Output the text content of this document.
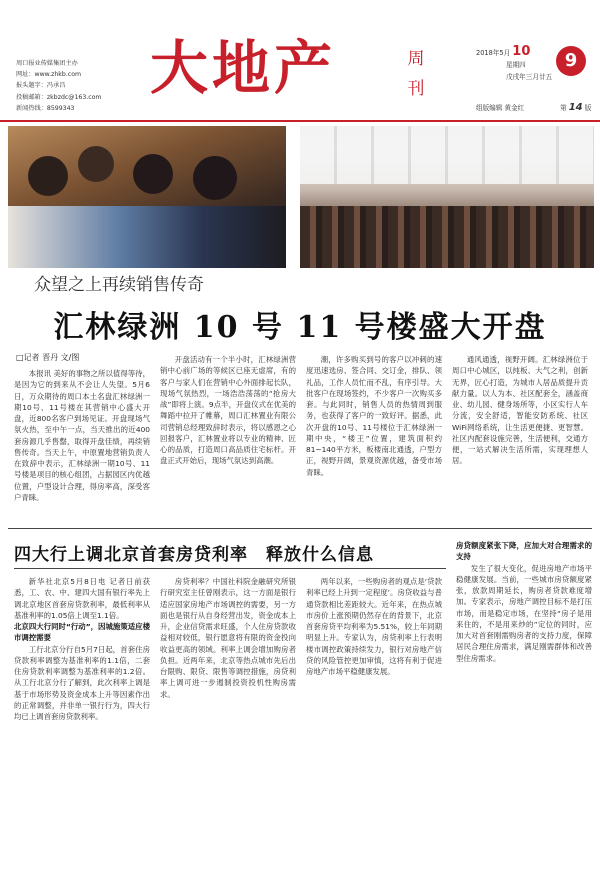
周口报业传媒集团主办
网址：www.zhkb.com
报头题字：冯承昌
投稿邮箱：zkbzdc@163.com
新闻热线：8599343
大地产	周刊
2018年5月 10
星期四
戊戌年三月廿五
组版编辑 黄金红	第 14 版
9
众望之上再续销售传奇
汇林绿洲 10 号 11 号楼盛大开盘
□记者 晋丹 文/图

本报讯 美好的事物之所以值得等待，是因为它的到来从不会让人失望。5月6日，万众期待的周口本土名盘汇林绿洲一期10号、11号楼在其营销中心盛大开盘，近800名客户到场见证。开盘现场气氛火热，至中午一点，当天推出的近400套房源几乎售罄，取得开盘佳绩，再续销售传奇。当天上午，中原置地营销负责人在致辞中表示，汇林绿洲一期10号、11号楼是项目的核心组团，占据园区内优越位置，户型设计合理，得房率高，深受客户青睐。

开盘活动有一个半小时，汇林绿洲营销中心前广场的等候区已座无虚席，有的客户与家人们在营销中心外面排起长队，现场气氛热烈，一场浩浩荡荡的“抢房大战”即将上演。9点半，开盘仪式在优美的舞蹈中拉开了帷幕，周口汇林置业有限公司营销总经理致辞时表示，将以感恩之心回报客户，汇林置业将以专业的精神、匠心的品质，打造周口高品质住宅标杆。开盘正式开始后，现场气氛达到高潮。

潮，许多购买到号的客户以冲刺的速度迅速选房、签合同、交订金，排队、领礼品，工作人员忙而不乱，有序引导。大批客户在现场签约，不少客户一次购买多套。与此同时，销售人员的热情周到服务，也获得了客户的一致好评。据悉，此次开盘的10号、11号楼位于汇林绿洲一期中央，“楼王”位置，建筑面积约81~140平方米，板楼南北通透，户型方正，视野开阔，景观资源优越，备受市场青睐。

通风通透，视野开阔。汇林绿洲位于周口中心城区，以纯板、大气之利，创新无界，匠心打造，为城市人居品质提升贡献力量。以人为本、社区配套全，涵盖商业、幼儿园、健身场所等，小区实行人车分流，安全舒适，智能安防系统、社区WiFi网络系统，让生活更便捷、更智慧。社区内配套设施完善，生活便利，交通方便，一站式解决生活所需，实现理想人居。

四大行上调北京首套房贷利率　释放什么信息

新华社北京5月8日电 记者日前获悉，工、农、中、建四大国有银行率先上调北京地区首套房贷款利率，最低利率从基准利率的1.05倍上调至1.1倍。

北京四大行同时“行动”，因城施策适应楼市调控需要

工行北京分行自5月7日起，首套住房贷款利率调整为基准利率的1.1倍，二套住房贷款利率调整为基准利率的1.2倍。从工行北京分行了解到，此次利率上调是基于市场形势及资金成本上升等因素作出的正常调整，并非单一银行行为，四大行均已上调首套房贷款利率。

房贷利率？中国社科院金融研究所银行研究室主任曾刚表示，这一方面是银行适应国家房地产市场调控的需要，另一方面也是银行从自身经营出发，资金成本上升，企业信贷需求旺盛，个人住房贷款收益相对较低，银行愿意将有限的资金投向收益更高的领域。利率上调会增加购房者负担。近两年来，北京等热点城市先后出台限购、限贷、限售等调控措施，房贷利率上调可进一步遏制投资投机性购房需求。

两年以来，一些购房者的观点是‘贷款利率已经上升到一定程度’。房贷收益与普通贷款相比差距较大。近年来，在热点城市房价上涨预期仍然存在的背景下，北京首套房贷平均利率为5.51%，较上年同期明显上升。专家认为，房贷利率上行表明楼市调控政策持续发力，银行对房地产信贷的风险管控更加审慎，这将有利于促进房地产市场平稳健康发展。

房贷额度紧张下降，应加大对合理需求的支持

发生了很大变化，促进房地产市场平稳健康发展。当前，一些城市房贷额度紧张，放款周期延长，购房者贷款难度增加。专家表示，房地产调控目标不是打压市场，而是稳定市场，在坚持“房子是用来住的，不是用来炒的”定位的同时，应加大对首套刚需购房者的支持力度，保障居民合理住房需求，满足刚需群体和改善型住房需求。
